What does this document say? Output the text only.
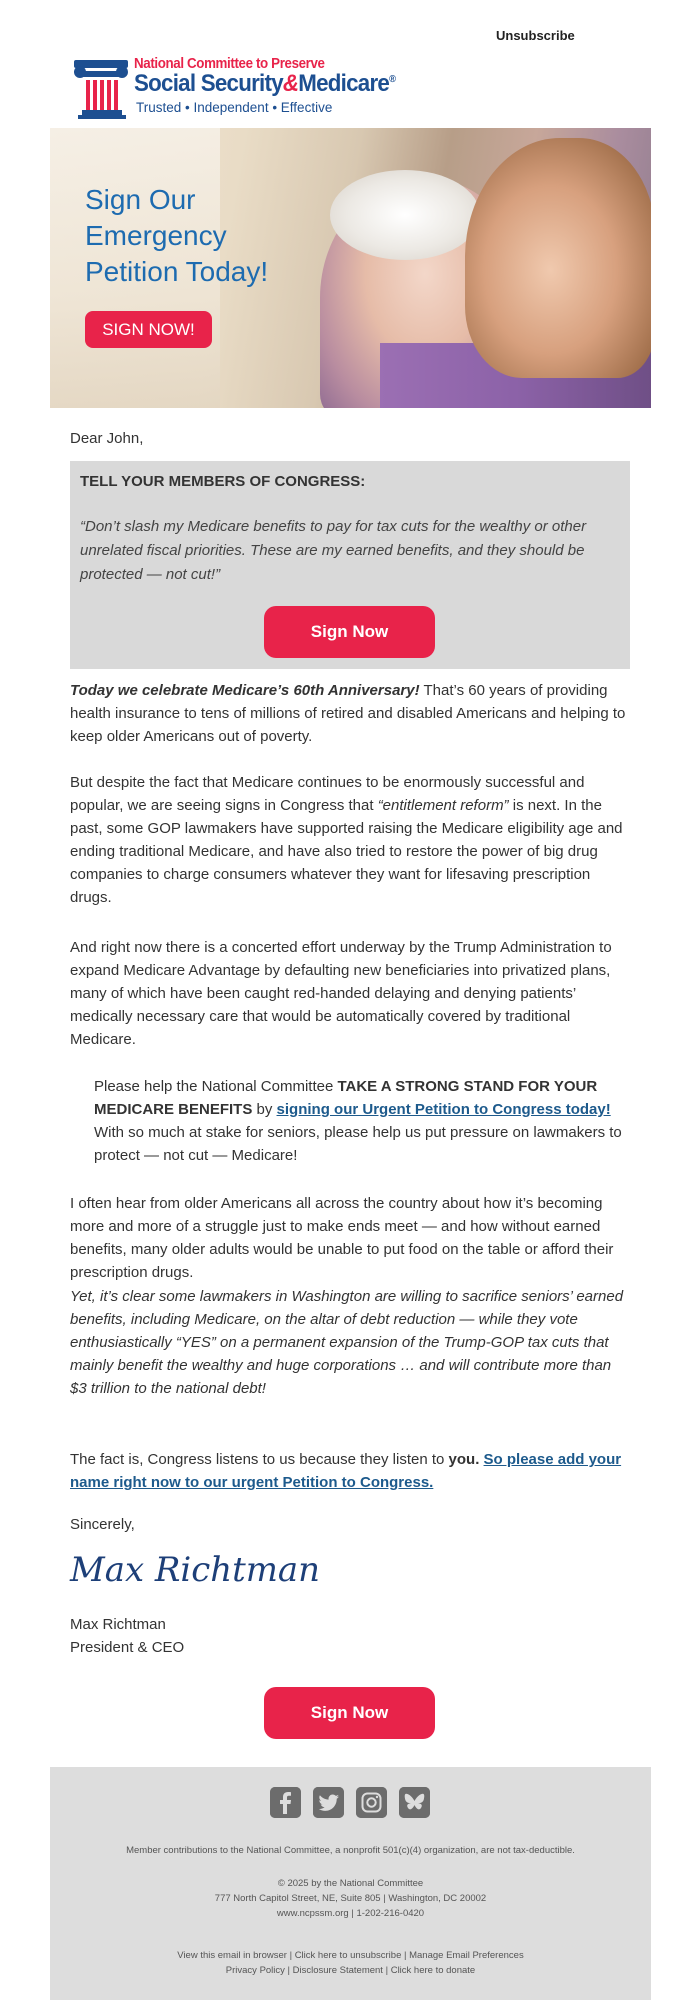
Unsubscribe
National Committee to Preserve
Social Security&Medicare®
Trusted • Independent • Effective
Sign Our Emergency Petition Today!
SIGN NOW!
Dear John,
TELL YOUR MEMBERS OF CONGRESS:
“Don’t slash my Medicare benefits to pay for tax cuts for the wealthy or other unrelated fiscal priorities. These are my earned benefits, and they should be protected — not cut!”
Sign Now
Today we celebrate Medicare’s 60th Anniversary! That’s 60 years of providing health insurance to tens of millions of retired and disabled Americans and helping to keep older Americans out of poverty.
But despite the fact that Medicare continues to be enormously successful and popular, we are seeing signs in Congress that “entitlement reform” is next. In the past, some GOP lawmakers have supported raising the Medicare eligibility age and ending traditional Medicare, and have also tried to restore the power of big drug companies to charge consumers whatever they want for lifesaving prescription drugs.
And right now there is a concerted effort underway by the Trump Administration to expand Medicare Advantage by defaulting new beneficiaries into privatized plans, many of which have been caught red-handed delaying and denying patients’ medically necessary care that would be automatically covered by traditional Medicare.
Please help the National Committee TAKE A STRONG STAND FOR YOUR MEDICARE BENEFITS by signing our Urgent Petition to Congress today! With so much at stake for seniors, please help us put pressure on lawmakers to protect — not cut — Medicare!
I often hear from older Americans all across the country about how it’s becoming more and more of a struggle just to make ends meet — and how without earned benefits, many older adults would be unable to put food on the table or afford their prescription drugs.
Yet, it’s clear some lawmakers in Washington are willing to sacrifice seniors’ earned benefits, including Medicare, on the altar of debt reduction — while they vote enthusiastically “YES” on a permanent expansion of the Trump-GOP tax cuts that mainly benefit the wealthy and huge corporations … and will contribute more than $3 trillion to the national debt!
The fact is, Congress listens to us because they listen to you. So please add your name right now to our urgent Petition to Congress.
Sincerely,
Max Richtman
Max Richtman
President & CEO
Sign Now
Member contributions to the National Committee, a nonprofit 501(c)(4) organization, are not tax-deductible.
© 2025 by the National Committee
777 North Capitol Street, NE, Suite 805 | Washington, DC 20002
www.ncpssm.org | 1-202-216-0420
View this email in browser | Click here to unsubscribe | Manage Email Preferences
Privacy Policy | Disclosure Statement | Click here to donate
